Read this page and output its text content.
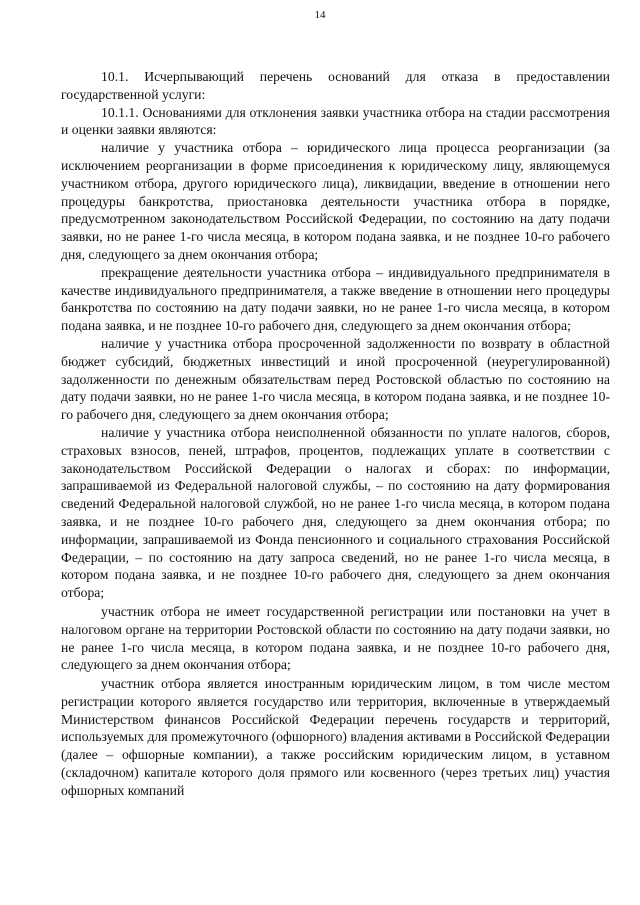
14

10.1. Исчерпывающий перечень оснований для отказа в предоставлении государственной услуги:

10.1.1. Основаниями для отклонения заявки участника отбора на стадии рассмотрения и оценки заявки являются:

наличие у участника отбора – юридического лица процесса реорганизации (за исключением реорганизации в форме присоединения к юридическому лицу, являющемуся участником отбора, другого юридического лица), ликвидации, введение в отношении него процедуры банкротства, приостановка деятельности участника отбора в порядке, предусмотренном законодательством Российской Федерации, по состоянию на дату подачи заявки, но не ранее 1-го числа месяца, в котором подана заявка, и не позднее 10-го рабочего дня, следующего за днем окончания отбора;

прекращение деятельности участника отбора – индивидуального предпринимателя в качестве индивидуального предпринимателя, а также введение в отношении него процедуры банкротства по состоянию на дату подачи заявки, но не ранее 1-го числа месяца, в котором подана заявка, и не позднее 10-го рабочего дня, следующего за днем окончания отбора;

наличие у участника отбора просроченной задолженности по возврату в областной бюджет субсидий, бюджетных инвестиций и иной просроченной (неурегулированной) задолженности по денежным обязательствам перед Ростовской областью по состоянию на дату подачи заявки, но не ранее 1-го числа месяца, в котором подана заявка, и не позднее 10-го рабочего дня, следующего за днем окончания отбора;

наличие у участника отбора неисполненной обязанности по уплате налогов, сборов, страховых взносов, пеней, штрафов, процентов, подлежащих уплате в соответствии с законодательством Российской Федерации о налогах и сборах: по информации, запрашиваемой из Федеральной налоговой службы, – по состоянию на дату формирования сведений Федеральной налоговой службой, но не ранее 1-го числа месяца, в котором подана заявка, и не позднее 10-го рабочего дня, следующего за днем окончания отбора; по информации, запрашиваемой из Фонда пенсионного и социального страхования Российской Федерации, – по состоянию на дату запроса сведений, но не ранее 1-го числа месяца, в котором подана заявка, и не позднее 10-го рабочего дня, следующего за днем окончания отбора;

участник отбора не имеет государственной регистрации или постановки на учет в налоговом органе на территории Ростовской области по состоянию на дату подачи заявки, но не ранее 1-го числа месяца, в котором подана заявка, и не позднее 10-го рабочего дня, следующего за днем окончания отбора;

участник отбора является иностранным юридическим лицом, в том числе местом регистрации которого является государство или территория, включенные в утверждаемый Министерством финансов Российской Федерации перечень государств и территорий, используемых для промежуточного (офшорного) владения активами в Российской Федерации (далее – офшорные компании), а также российским юридическим лицом, в уставном (складочном) капитале которого доля прямого или косвенного (через третьих лиц) участия офшорных компаний
